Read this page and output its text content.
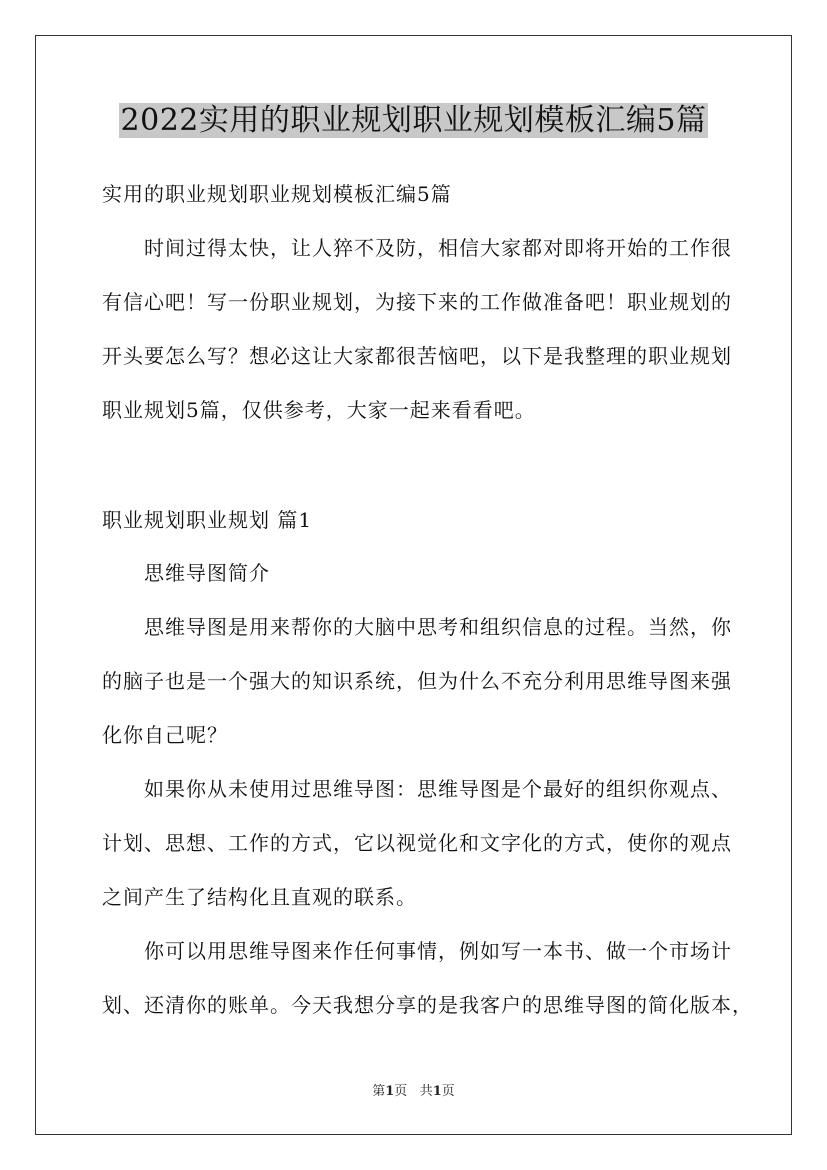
2022实用的职业规划职业规划模板汇编5篇
实用的职业规划职业规划模板汇编5篇
时间过得太快，让人猝不及防，相信大家都对即将开始的工作很
有信心吧！写一份职业规划，为接下来的工作做准备吧！职业规划的
开头要怎么写？想必这让大家都很苦恼吧，以下是我整理的职业规划
职业规划5篇，仅供参考，大家一起来看看吧。
职业规划职业规划 篇1
思维导图简介
思维导图是用来帮你的大脑中思考和组织信息的过程。当然，你
的脑子也是一个强大的知识系统，但为什么不充分利用思维导图来强
化你自己呢？
如果你从未使用过思维导图：思维导图是个最好的组织你观点、
计划、思想、工作的方式，它以视觉化和文字化的方式，使你的观点
之间产生了结构化且直观的联系。
你可以用思维导图来作任何事情，例如写一本书、做一个市场计
划、还清你的账单。今天我想分享的是我客户的思维导图的简化版本，
第1页 共1页
